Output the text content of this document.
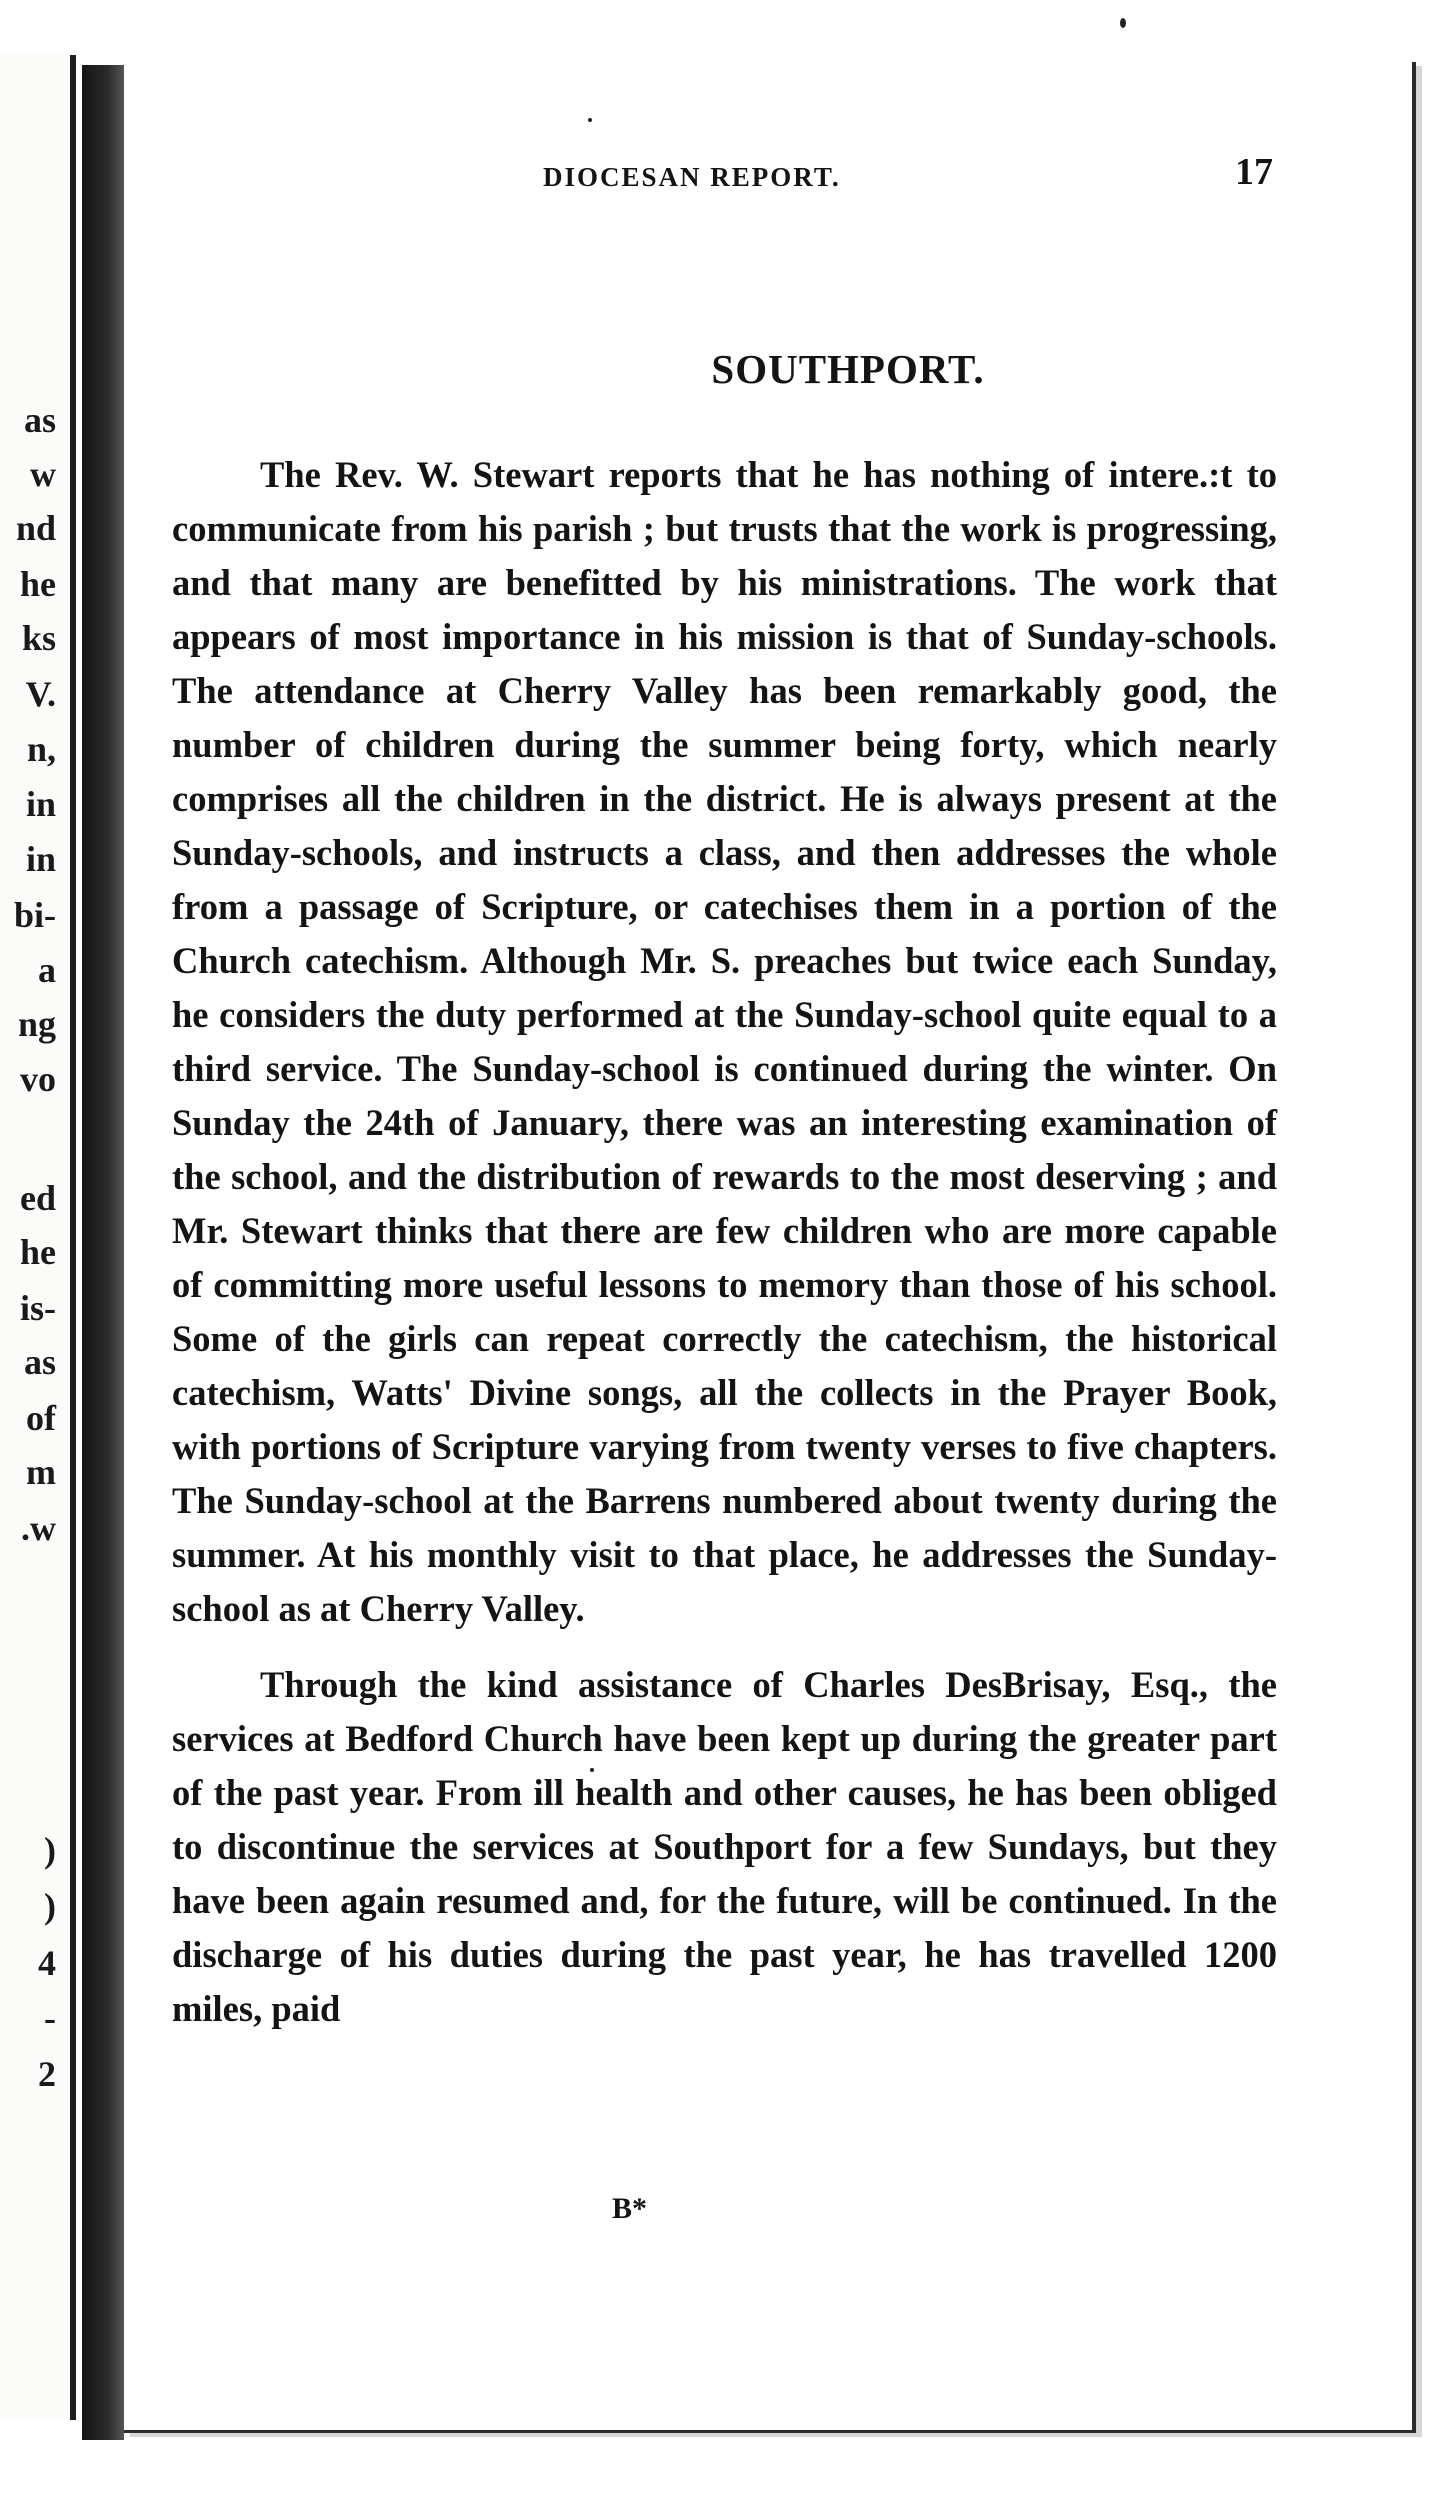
as
w
nd
he
ks
V.
n,
in
in
bi-
a
ng
vo
ed
he
is-
as
of
m
.w
)
)
4
-
2
DIOCESAN REPORT.	17
SOUTHPORT.

The Rev. W. Stewart reports that he has nothing of intere.:t to communicate from his parish ; but trusts that the work is progressing, and that many are benefitted by his ministrations. The work that appears of most importance in his mission is that of Sunday-schools. The attendance at Cherry Valley has been remarkably good, the number of children during the summer being forty, which nearly comprises all the children in the district. He is always present at the Sunday-schools, and instructs a class, and then addresses the whole from a passage of Scripture, or catechises them in a portion of the Church catechism. Although Mr. S. preaches but twice each Sunday, he considers the duty performed at the Sunday-school quite equal to a third service. The Sunday-school is continued during the winter. On Sunday the 24th of January, there was an interesting examination of the school, and the distribution of rewards to the most deserving ; and Mr. Stewart thinks that there are few children who are more capable of committing more useful lessons to memory than those of his school. Some of the girls can repeat correctly the catechism, the historical catechism, Watts' Divine songs, all the collects in the Prayer Book, with portions of Scripture varying from twenty verses to five chapters. The Sunday-school at the Barrens numbered about twenty during the summer. At his monthly visit to that place, he addresses the Sunday-school as at Cherry Valley.

Through the kind assistance of Charles DesBrisay, Esq., the services at Bedford Church have been kept up during the greater part of the past year. From ill health and other causes, he has been obliged to discontinue the services at Southport for a few Sundays, but they have been again resumed and, for the future, will be continued. In the discharge of his duties during the past year, he has travelled 1200 miles, paid

B*
